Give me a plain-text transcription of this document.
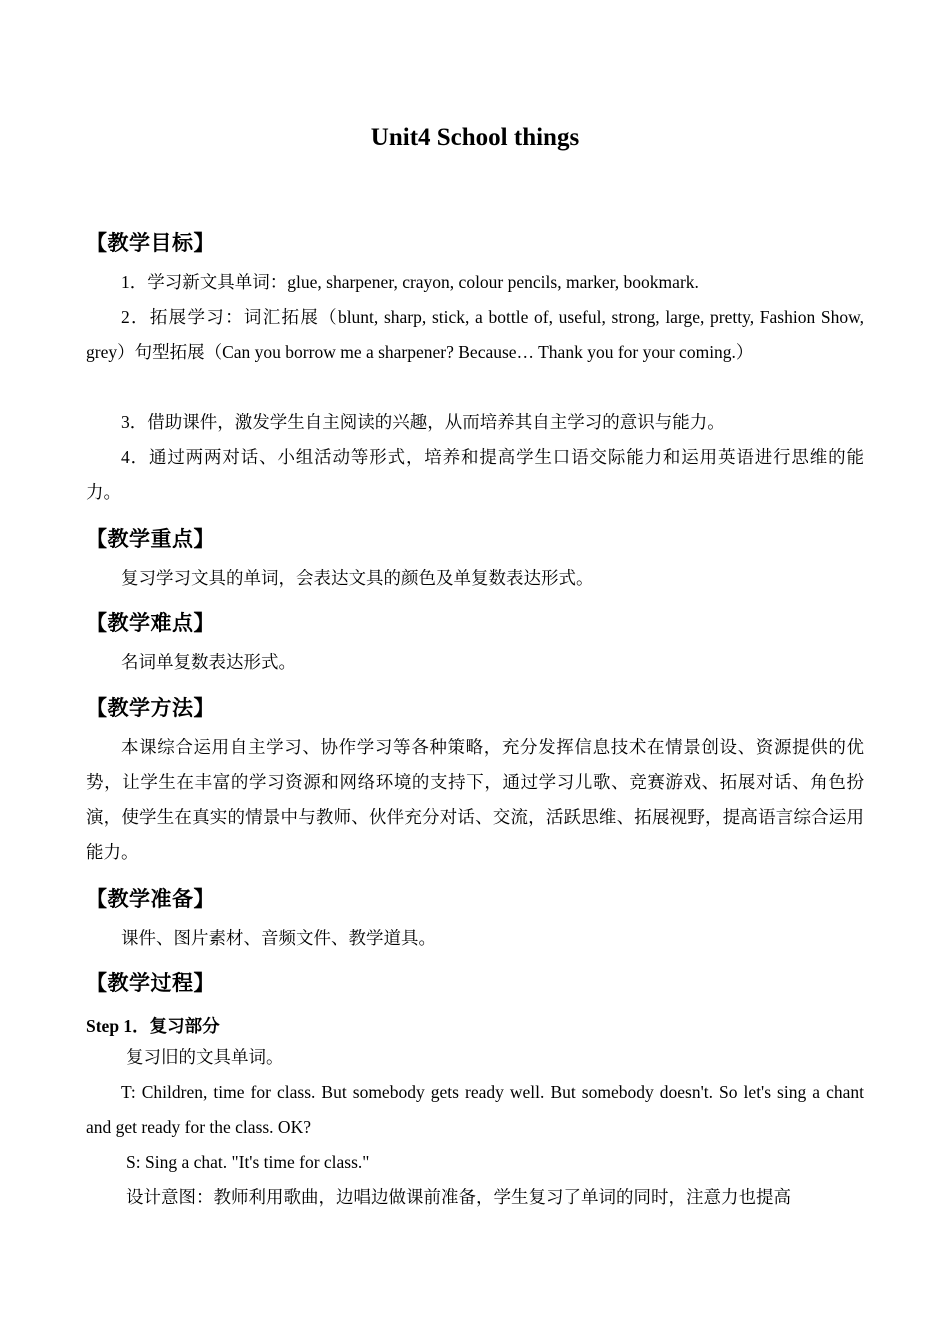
Unit4 School things
【教学目标】
1．学习新文具单词：glue, sharpener, crayon, colour pencils, marker, bookmark.
2．拓展学习：词汇拓展（blunt, sharp, stick, a bottle of, useful, strong, large, pretty, Fashion Show, grey）句型拓展（Can you borrow me a sharpener? Because… Thank you for your coming.）
3．借助课件，激发学生自主阅读的兴趣，从而培养其自主学习的意识与能力。
4．通过两两对话、小组活动等形式，培养和提高学生口语交际能力和运用英语进行思维的能力。
【教学重点】
复习学习文具的单词，会表达文具的颜色及单复数表达形式。
【教学难点】
名词单复数表达形式。
【教学方法】
本课综合运用自主学习、协作学习等各种策略，充分发挥信息技术在情景创设、资源提供的优势，让学生在丰富的学习资源和网络环境的支持下，通过学习儿歌、竞赛游戏、拓展对话、角色扮演，使学生在真实的情景中与教师、伙伴充分对话、交流，活跃思维、拓展视野，提高语言综合运用能力。
【教学准备】
课件、图片素材、音频文件、教学道具。
【教学过程】
Step 1．复习部分
复习旧的文具单词。
T: Children, time for class. But somebody gets ready well. But somebody doesn't. So let's sing a chant and get ready for the class. OK?
S: Sing a chat. "It's time for class."
设计意图：教师利用歌曲，边唱边做课前准备，学生复习了单词的同时，注意力也提高
